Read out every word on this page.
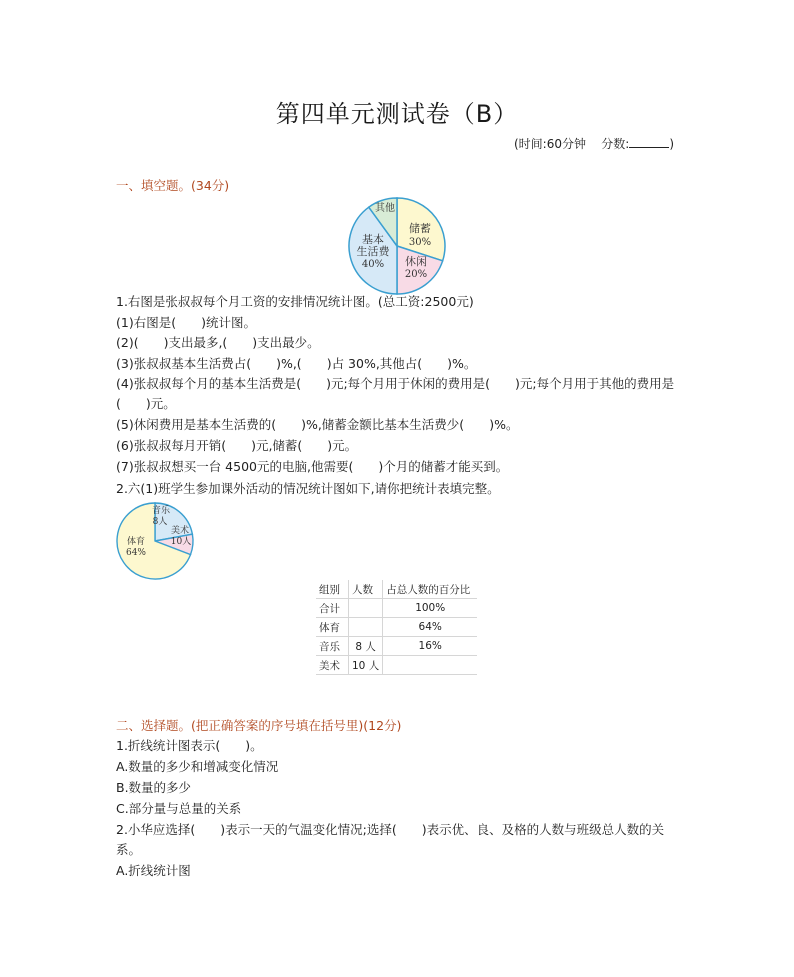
第四单元测试卷（B）
(时间:60分钟 分数:	)
一、填空题。(34分)
储蓄
30%
休闲
20%
基本
生活费
40%
其他
1.右图是张叔叔每个月工资的安排情况统计图。(总工资:2500元)
(1)右图是(　　)统计图。
(2)(　　)支出最多,(　　)支出最少。
(3)张叔叔基本生活费占(　　)%,(　　)占 30%,其他占(　　)%。
(4)张叔叔每个月的基本生活费是(　　)元;每个月用于休闲的费用是(　　)元;每个月用于其他的费用是(　　)元。
(5)休闲费用是基本生活费的(　　)%,储蓄金额比基本生活费少(　　)%。
(6)张叔叔每月开销(　　)元,储蓄(　　)元。
(7)张叔叔想买一台 4500元的电脑,他需要(　　)个月的储蓄才能买到。
2.六(1)班学生参加课外活动的情况统计图如下,请你把统计表填完整。
音乐
8人
美术
10人
体育
64%
组别	人数	占总人数的百分比
合计		100%
体育		64%
音乐	8 人	16%
美术	10 人	
二、选择题。(把正确答案的序号填在括号里)(12分)
1.折线统计图表示(　　)。
A.数量的多少和增减变化情况
B.数量的多少
C.部分量与总量的关系
2.小华应选择(　　)表示一天的气温变化情况;选择(　　)表示优、良、及格的人数与班级总人数的关系。
A.折线统计图
